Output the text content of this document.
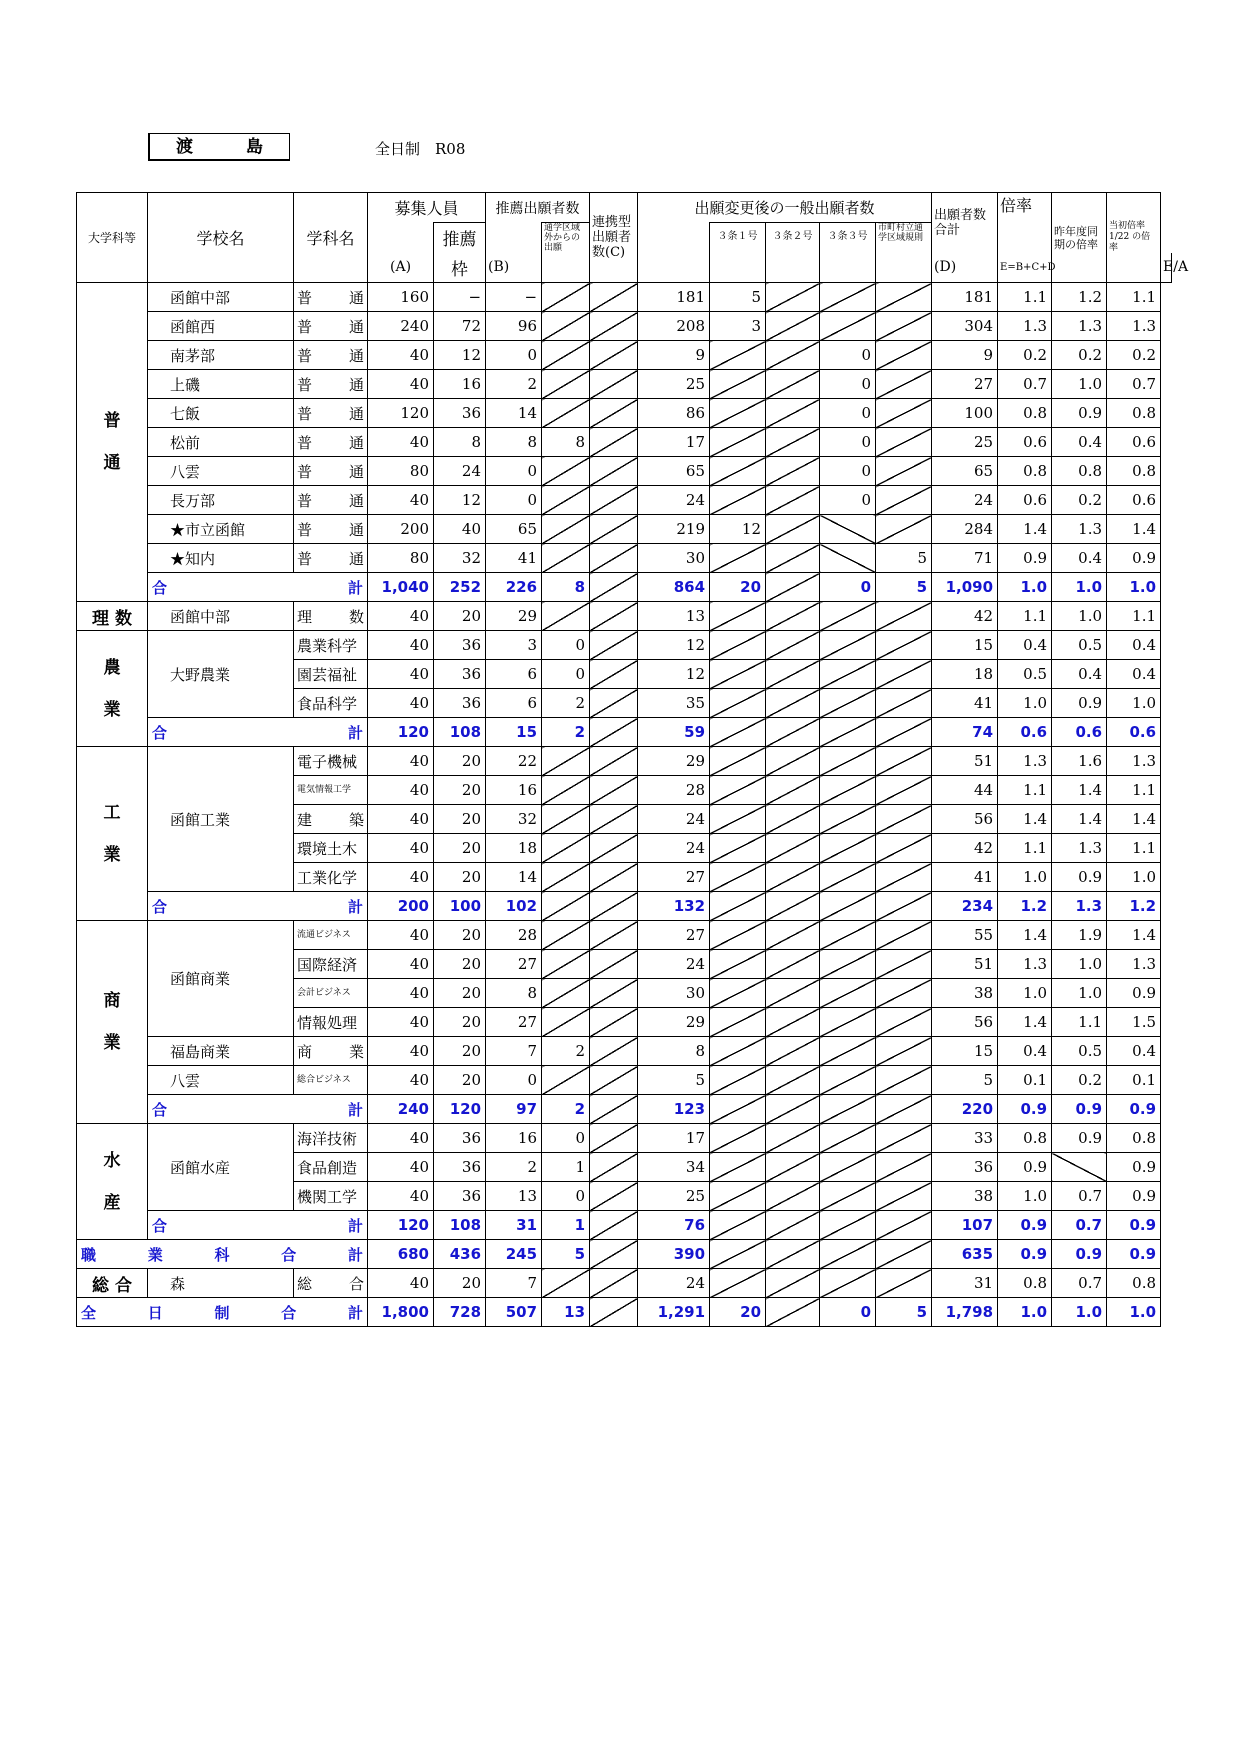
渡　島	全日制　R08
大学科等	学校名	学科名	募集人員		推薦出願者数		連携型出願者数(C)	出願変更後の一般出願者数					出願者数合計	倍率	昨年度同期の倍率	当初倍率1/22 の倍　率	
				推薦		通学区域外からの出願			３条１号	３条２号	３条３号	市町村立通学区域規則					
			(A)	枠	(B)								(D)	E=B+C+D			E/A

普
通	函館中部	普　通	160	−	−			181	5				181	1.1	1.2	1.1	
	函館西	普　通	240	72	96			208	3				304	1.3	1.3	1.3	
	南茅部	普　通	40	12	0			9			0		9	0.2	0.2	0.2	
	上磯	普　通	40	16	2			25			0		27	0.7	1.0	0.7	
	七飯	普　通	120	36	14			86			0		100	0.8	0.9	0.8	
	松前	普　通	40	8	8	8		17			0		25	0.6	0.4	0.6	
	八雲	普　通	80	24	0			65			0		65	0.8	0.8	0.8	
	長万部	普　通	40	12	0			24			0		24	0.6	0.2	0.6	
	★市立函館	普　通	200	40	65			219	12				284	1.4	1.3	1.4	
	★知内	普　通	80	32	41			30				5	71	0.9	0.4	0.9	

	合 計		1,040	252	226	8		864	20		0	5	1,090	1.0	1.0	1.0	
理 数	函館中部	理　数	40	20	29			13					42	1.1	1.0	1.1	

農
業	大野農業	農業科学	40	36	3	0		12					15	0.4	0.5	0.4	
		園芸福祉	40	36	6	0		12					18	0.5	0.4	0.4	
		食品科学	40	36	6	2		35					41	1.0	0.9	1.0	

	合 計		120	108	15	2		59					74	0.6	0.6	0.6	

工
業	函館工業	電子機械	40	20	22			29					51	1.3	1.6	1.3	
		電気情報工学	40	20	16			28					44	1.1	1.4	1.1	
		建　築	40	20	32			24					56	1.4	1.4	1.4	
		環境土木	40	20	18			24					42	1.1	1.3	1.1	
		工業化学	40	20	14			27					41	1.0	0.9	1.0	

	合 計		200	100	102			132					234	1.2	1.3	1.2	

商
業	函館商業	流通ビジネス	40	20	28			27					55	1.4	1.9	1.4	
		国際経済	40	20	27			24					51	1.3	1.0	1.3	
		会計ビジネス	40	20	8			30					38	1.0	1.0	0.9	
		情報処理	40	20	27			29					56	1.4	1.1	1.5	
	福島商業	商　業	40	20	7	2		8					15	0.4	0.5	0.4	
	八雲	総合ビジネス	40	20	0			5					5	0.1	0.2	0.1	

	合 計		240	120	97	2		123					220	0.9	0.9	0.9	

水
産	函館水産	海洋技術	40	36	16	0		17					33	0.8	0.9	0.8	
		食品創造	40	36	2	1		34					36	0.9		0.9	
		機関工学	40	36	13	0		25					38	1.0	0.7	0.9	

	合 計		120	108	31	1		76					107	0.9	0.7	0.9	

職 業 科 合 計			680	436	245	5		390					635	0.9	0.9	0.9	
総 合	森	総　合	40	20	7			24					31	0.8	0.7	0.8	

全 日 制 合 計			1,800	728	507	13		1,291	20		0	5	1,798	1.0	1.0	1.0	
